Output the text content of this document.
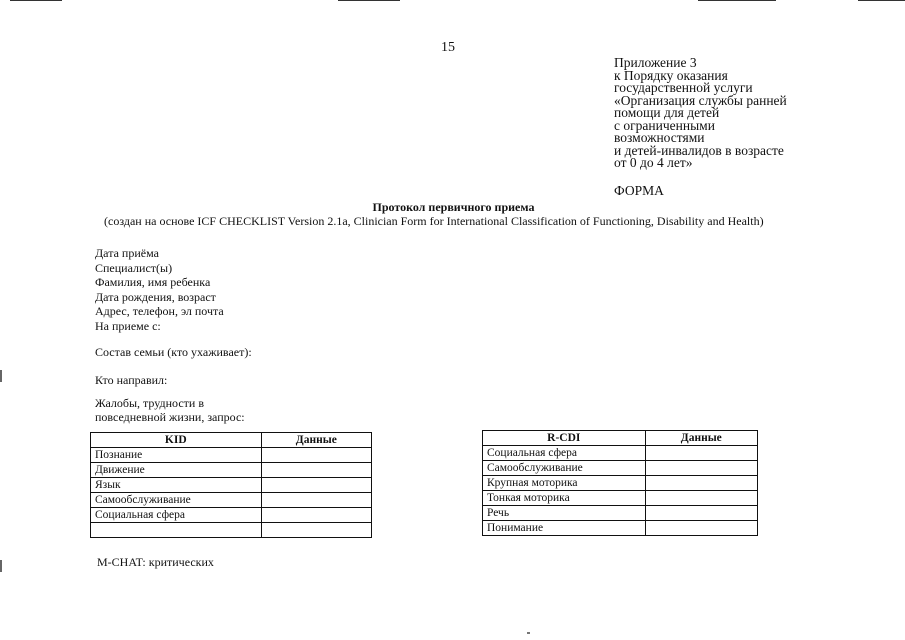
15
Приложение 3
к Порядку оказания
государственной услуги
«Организация службы ранней
помощи для детей
с ограниченными
возможностями
и детей-инвалидов в возрасте
от 0 до 4 лет»
ФОРМА
Протокол первичного приема
(создан на основе ICF CHECKLIST Version 2.1a, Clinician Form for International Classification of Functioning, Disability and Health)
Дата приёма
Специалист(ы)
Фамилия, имя ребенка
Дата рождения, возраст
Адрес, телефон, эл почта
На приеме с:
Состав семьи (кто ухаживает):
Кто направил:
Жалобы, трудности в
повседневной жизни, запрос:
KID	Данные
Познание	
Движение	
Язык	
Самообслуживание	
Социальная сфера	

R-CDI	Данные
Социальная сфера	
Самообслуживание	
Крупная моторика	
Тонкая моторика	
Речь	
Понимание	
M-CHAT: критических
